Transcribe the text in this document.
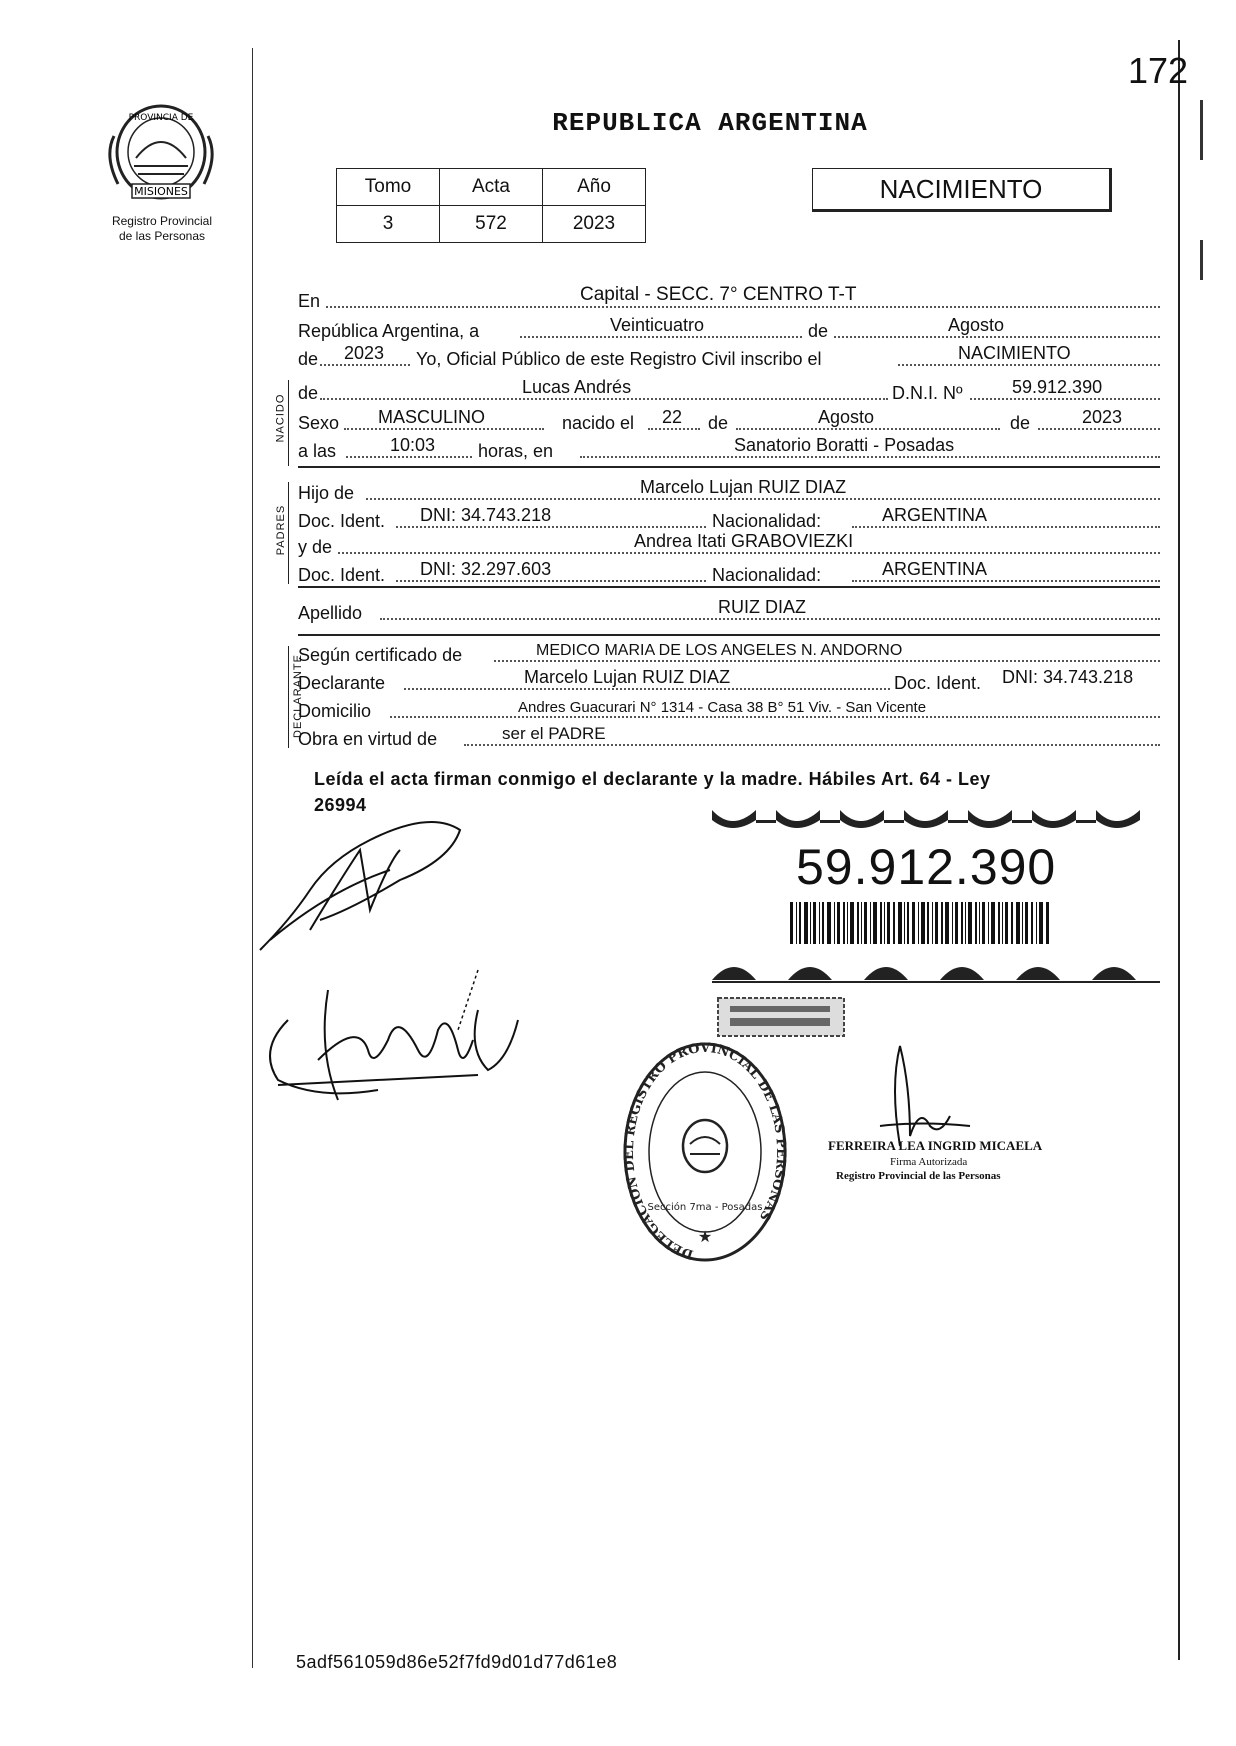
172
PROVINCIA DE
MISIONES
Registro Provincial
de las Personas
REPUBLICA ARGENTINA
Tomo	Acta	Año
3	572	2023
NACIMIENTO
En	Capital - SECC. 7° CENTRO T-T
República Argentina, a	Veinticuatro	de	Agosto
de 2023 Yo, Oficial Público de este Registro Civil inscribo el	NACIMIENTO
NACIDO
de	Lucas Andrés	D.N.I. Nº	59.912.390
Sexo MASCULINO	nacido el 22 de	Agosto	de	2023
a las	10:03 horas, en	Sanatorio Boratti - Posadas
PADRES
Hijo de	Marcelo Lujan RUIZ DIAZ
Doc. Ident. DNI: 34.743.218	Nacionalidad:	ARGENTINA
y de	Andrea Itati GRABOVIEZKI
Doc. Ident. DNI: 32.297.603	Nacionalidad:	ARGENTINA
Apellido	RUIZ DIAZ
DECLARANTE
Según certificado de	MEDICO MARIA DE LOS ANGELES N. ANDORNO
Declarante	Marcelo Lujan RUIZ DIAZ	Doc. Ident. DNI: 34.743.218
Domicilio	Andres Guacurari N° 1314 - Casa 38 B° 51 Viv. - San Vicente
Obra en virtud de	ser el PADRE
Leída el acta firman conmigo el declarante y la madre. Hábiles Art. 64 - Ley
26994
59.912.390
DELEGACION DEL REGISTRO PROVINCIAL DE LAS PERSONAS
Sección 7ma - Posadas
★
FERREIRA LEA INGRID MICAELA
Firma Autorizada
Registro Provincial de las Personas
5adf561059d86e52f7fd9d01d77d61e8
